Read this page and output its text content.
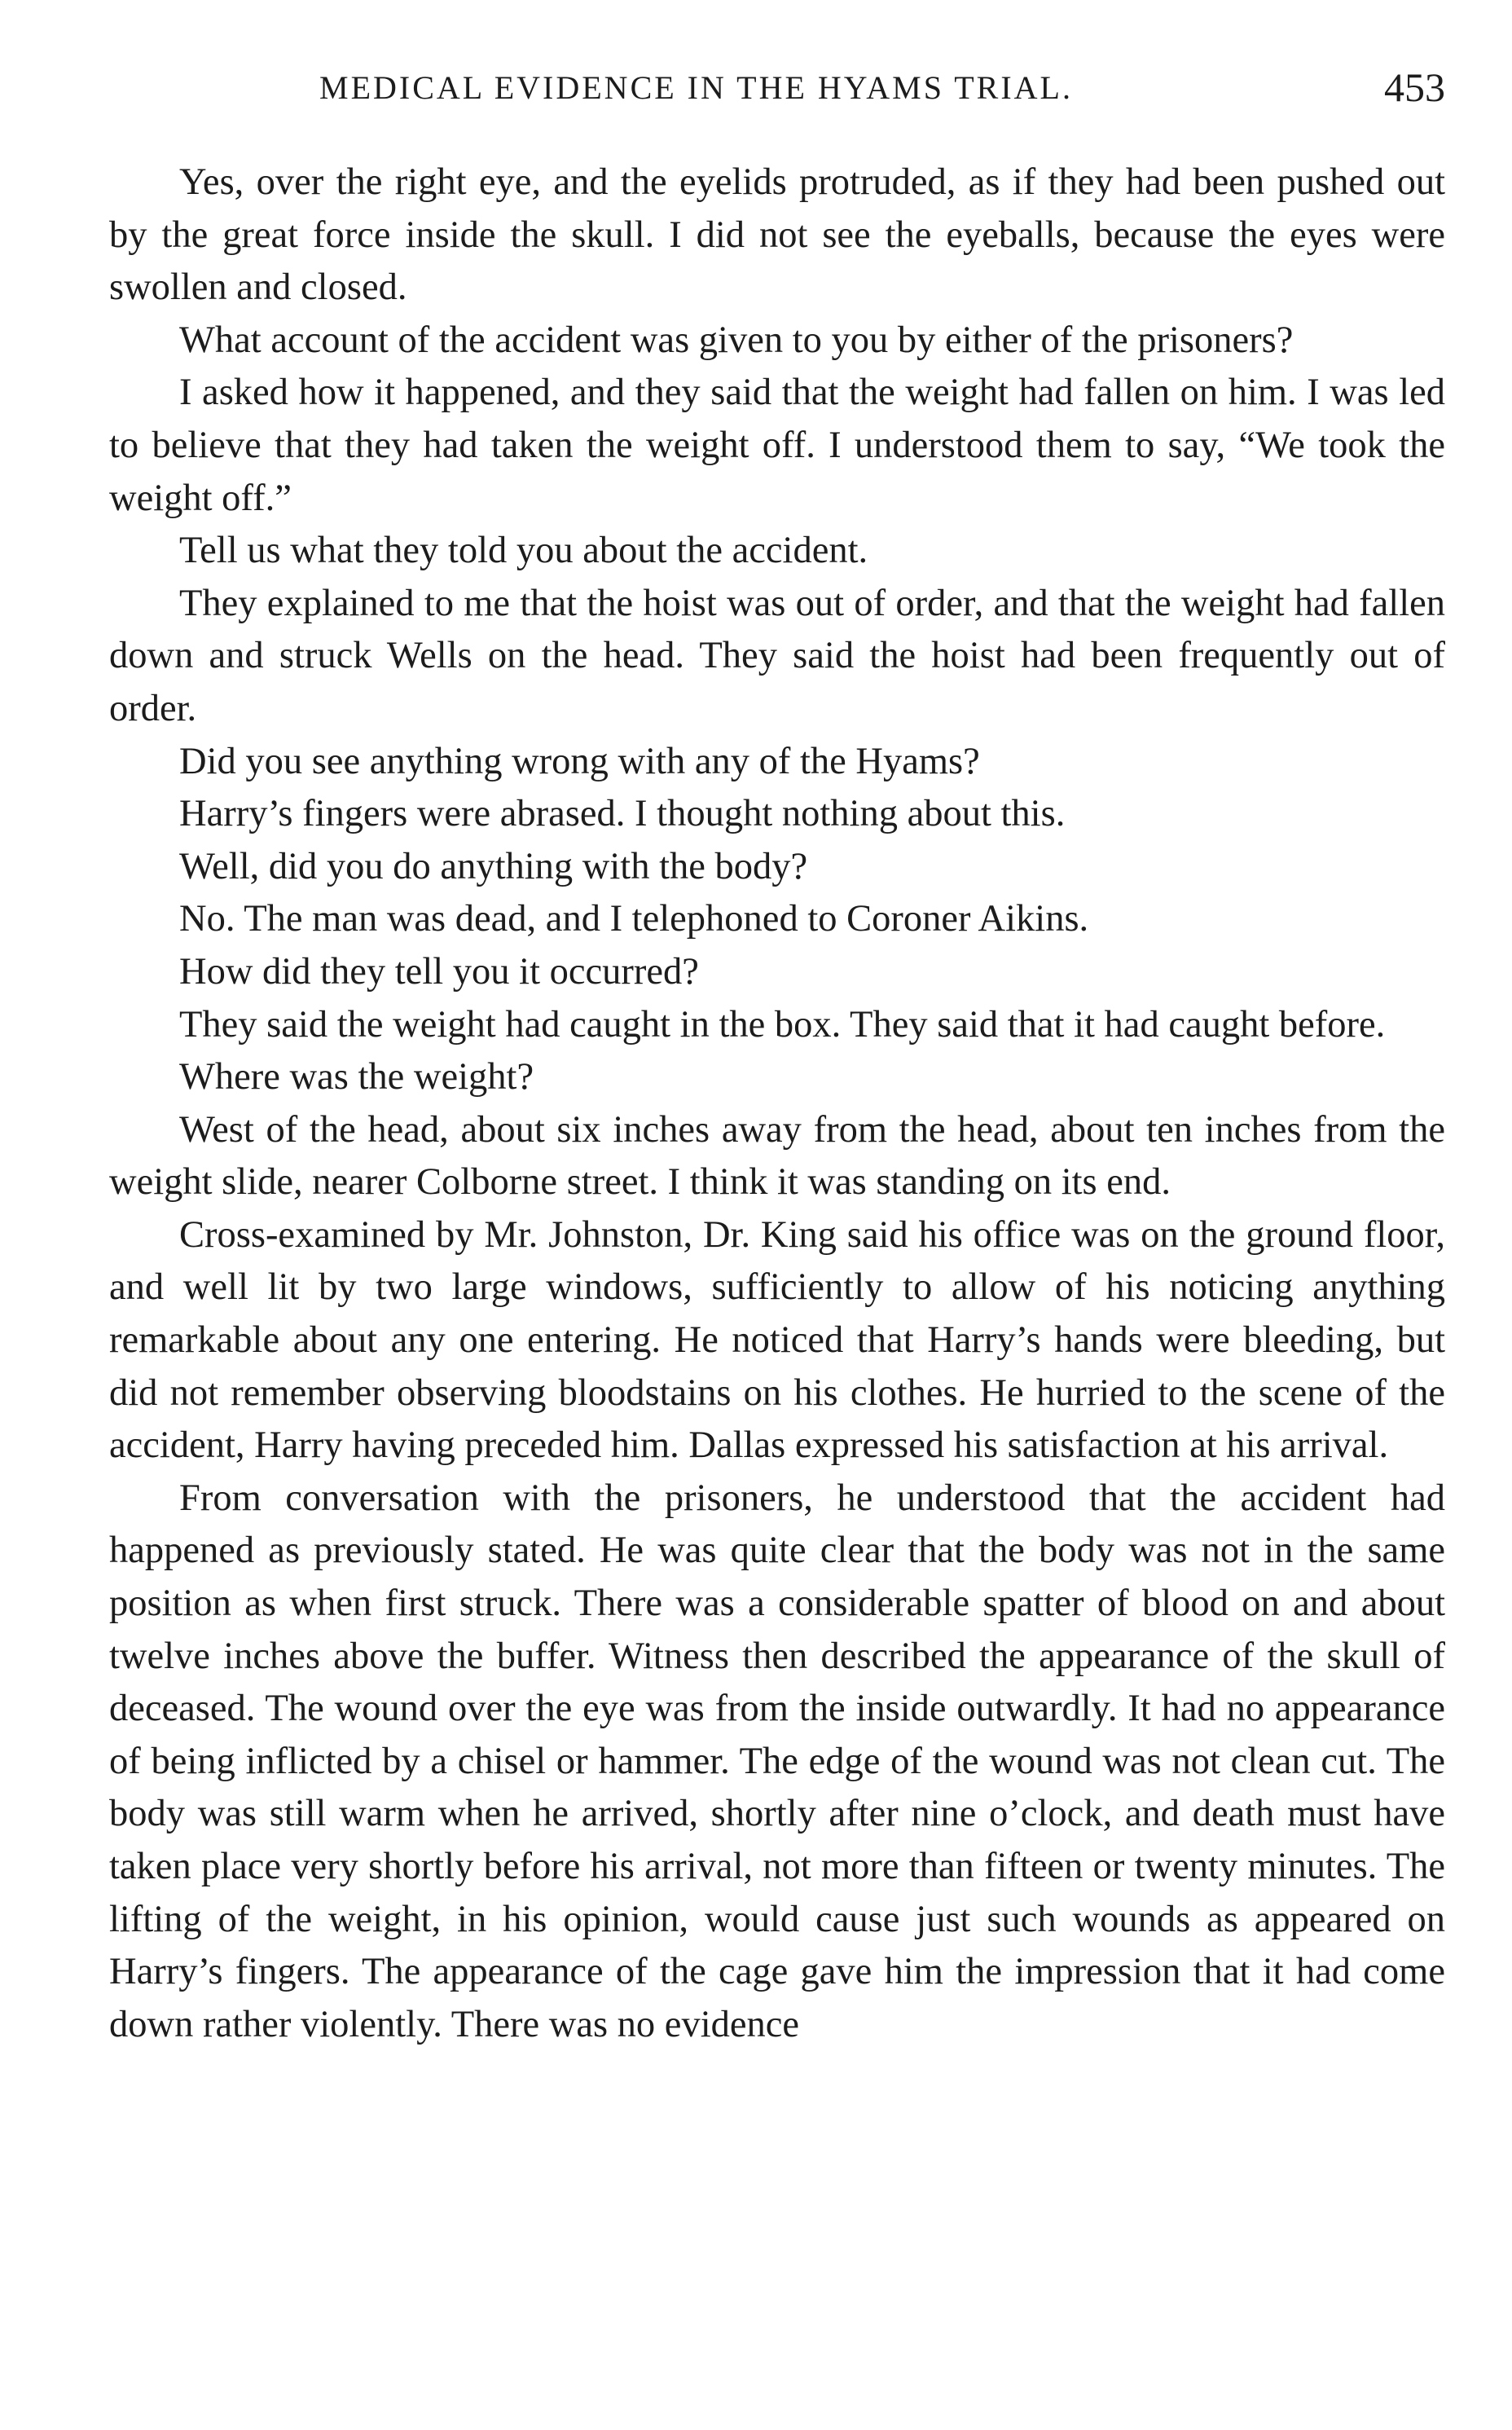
MEDICAL EVIDENCE IN THE HYAMS TRIAL.	453

Yes, over the right eye, and the eyelids protruded, as if they had been pushed out by the great force inside the skull. I did not see the eyeballs, because the eyes were swollen and closed.

What account of the accident was given to you by either of the prisoners?

I asked how it happened, and they said that the weight had fallen on him. I was led to believe that they had taken the weight off. I understood them to say, “We took the weight off.”

Tell us what they told you about the accident.

They explained to me that the hoist was out of order, and that the weight had fallen down and struck Wells on the head. They said the hoist had been frequently out of order.

Did you see anything wrong with any of the Hyams?

Harry’s fingers were abrased. I thought nothing about this.

Well, did you do anything with the body?

No. The man was dead, and I telephoned to Coroner Aikins.

How did they tell you it occurred?

They said the weight had caught in the box. They said that it had caught before.

Where was the weight?

West of the head, about six inches away from the head, about ten inches from the weight slide, nearer Colborne street. I think it was standing on its end.

Cross-examined by Mr. Johnston, Dr. King said his office was on the ground floor, and well lit by two large windows, sufficiently to allow of his noticing anything remarkable about any one entering. He noticed that Harry’s hands were bleeding, but did not remember observing bloodstains on his clothes. He hurried to the scene of the accident, Harry having preceded him. Dallas expressed his satisfaction at his arrival.

From conversation with the prisoners, he understood that the accident had happened as previously stated. He was quite clear that the body was not in the same position as when first struck. There was a considerable spatter of blood on and about twelve inches above the buffer. Witness then described the appearance of the skull of deceased. The wound over the eye was from the inside outwardly. It had no appearance of being inflicted by a chisel or hammer. The edge of the wound was not clean cut. The body was still warm when he arrived, shortly after nine o’clock, and death must have taken place very shortly before his arrival, not more than fifteen or twenty minutes. The lifting of the weight, in his opinion, would cause just such wounds as appeared on Harry’s fingers. The appearance of the cage gave him the impression that it had come down rather violently. There was no evidence
